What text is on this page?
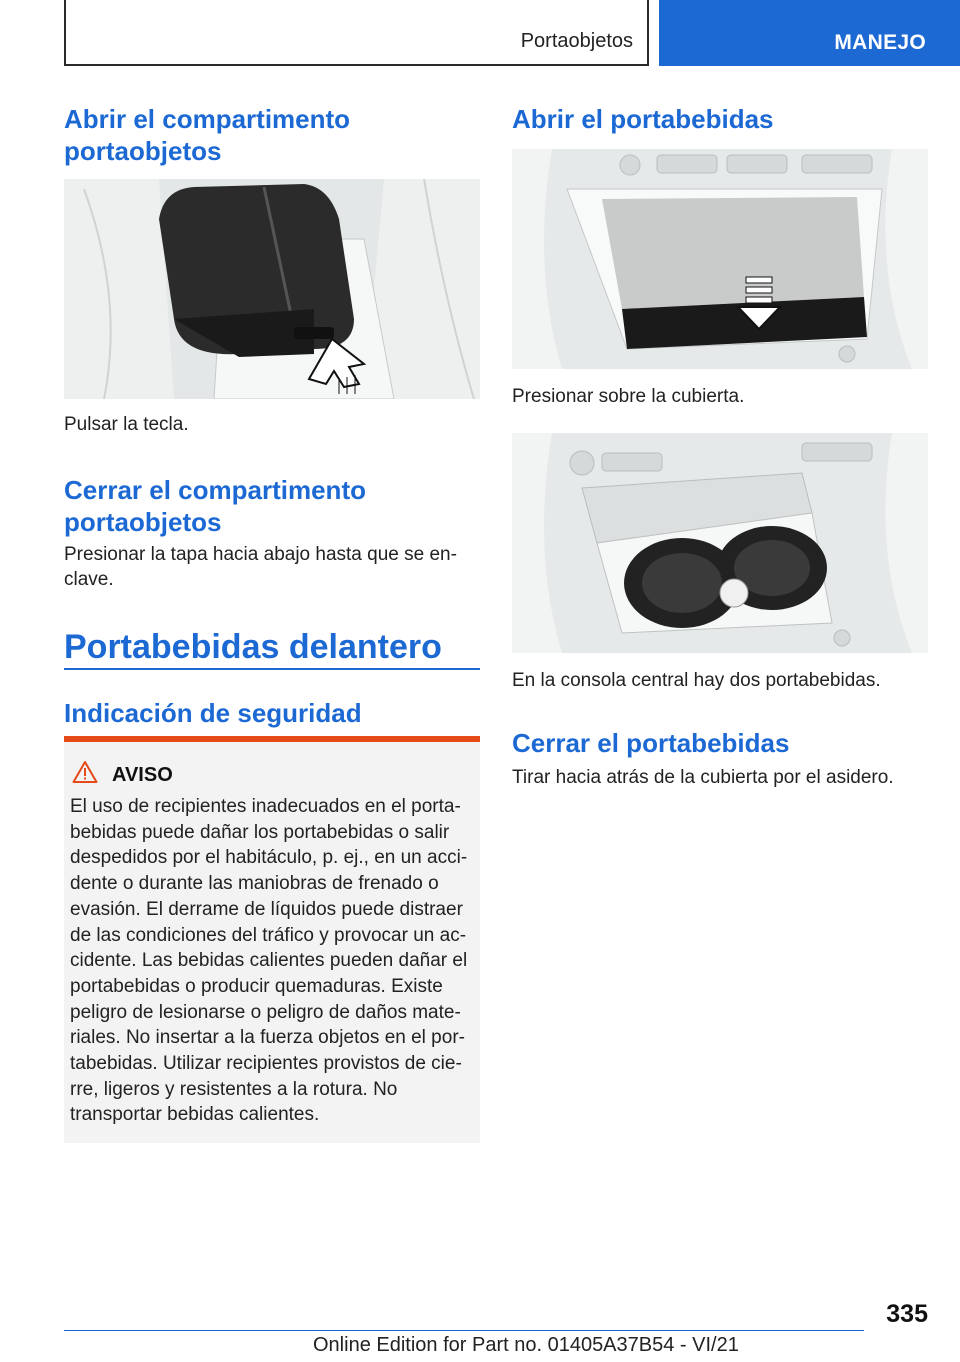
Portaobjetos	MANEJO
Abrir el compartimento portaobjetos

Pulsar la tecla.

Cerrar el compartimento portaobjetos

Presionar la tapa hacia abajo hasta que se enclave.

Portabebidas delantero
Indicación de seguridad
AVISO

El uso de recipientes inadecuados en el portabebidas puede dañar los portabebidas o salir despedidos por el habitáculo, p. ej., en un accidente o durante las maniobras de frenado o evasión. El derrame de líquidos puede distraer de las condiciones del tráfico y provocar un accidente. Las bebidas calientes pueden dañar el portabebidas o producir quemaduras. Existe peligro de lesionarse o peligro de daños materiales. No insertar a la fuerza objetos en el portabebidas. Utilizar recipientes provistos de cierre, ligeros y resistentes a la rotura. No transportar bebidas calientes.

Abrir el portabebidas

Presionar sobre la cubierta.

En la consola central hay dos portabebidas.

Cerrar el portabebidas

Tirar hacia atrás de la cubierta por el asidero.

335
Online Edition for Part no. 01405A37B54 - VI/21
